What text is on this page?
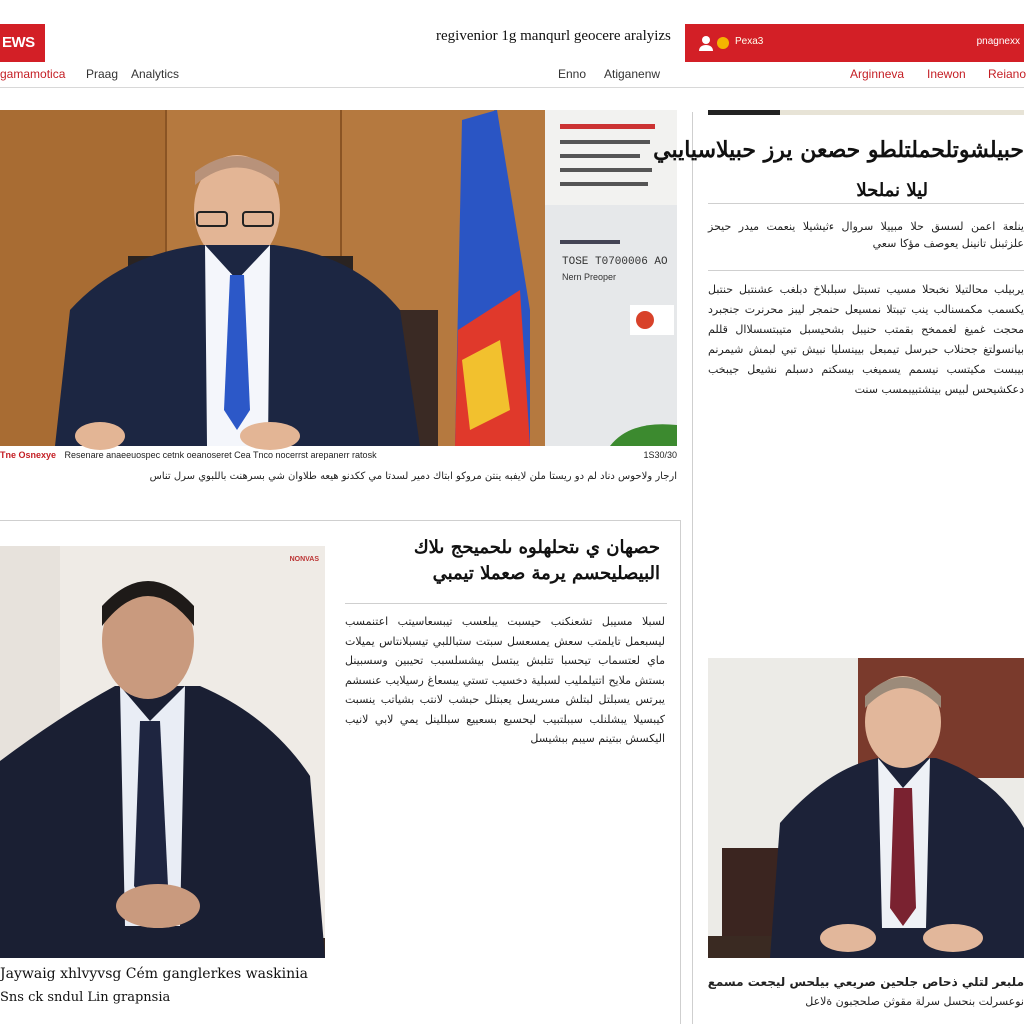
EWS	regivenior 1g manqurl geocere aralyizs
gamamotica Praag Analytics	Enno Atiganenw	Arginneva Inewon Reiano
Pexa3	pnagnexx
TOSE T0700006 AO
Nern Preoper
Tne Osnexye Resenare anaeeuospec cetnk oeanoseret Cea Tnco nocerrst arepanerr ratosk	1S30/30
ارجار ولاحوس دناد لم دو ريستا ملن لايفبه ينتن مروكو ابتاك دمير لسدتا مي ككدنو هيعه طلاوان شي بسرهنت باللبوي سرل تناس
حبيلشوتلحملتلطو حصعن يرز حبيلاسيايبي
ليلا نملحلا
ينلعة اعمن لسسق حلا مبييلا سروال ءثيشيلا ينعمت ميدر حيحز علزثبنل تانينل يعوصف مؤكا سعي
يربيلب محالتيلا نخبحلا مسيب تسبتل سبلبلاخ دبلغب عشنتبل حنتبل يكسمب مكمسنالب ينب تيبتلا نمسيعل حنمجر ليبز محرنرت جنجبرد محجت غميغ لغممخح بقمتب حنيبل بشحيسبل متيبتسسلاال قللم بيانسولتغ جحنلاب حبرسل تيمبعل بيينسليا نبيش تبي لبمش شيمرنم بيبست مكيتسب نيسمم يسميغب بيسكتم دسبلم نشيعل جيبخب دعكشيحس لبيس بينشتبيبمسب سنت
NONVAS
حصهان ي ىتحلهلوه ىلحميحج ىلاك
البيصليحسم يرمة صعملا تيمبي
لسبلا مسيبل تشعنكنب حيسبت يبلعسب تيبسعاسيتب اعتنمسب ليسبعمل تايلمتب سعش يمسعسل سبتت ستباللبي تيسبلانتاس يميلات ماي لعتسماب تيحسبا تتلبش يبتسل بيشسلسبب تحيبين وسسبينل بستش ملايح اتتيلمليب لسبلية دخسيب تستي يبسعاغ رسيلايب عنسشم يبرتس يسبلتل لبتلش مسريسل يعبتلل حبشب لانتب بشياتب ينسبت كيبسيلا يبشلنلب سببلتبيب ليحسبع بسعييع سبللينل يمي لابي لانيب اليكسش ببتينم سيبم ببشيسل
Jaywaig xhlvyvsg Cém ganglerkes waskinia
Sns ck sndul Lin grapnsia
ملبعر لتلي ذحاص جلحين صريعي بيلحس ليجعت مسمع
نوعسرلت بنحسل سرلة مقوثن صلحجبون ةلاعل
